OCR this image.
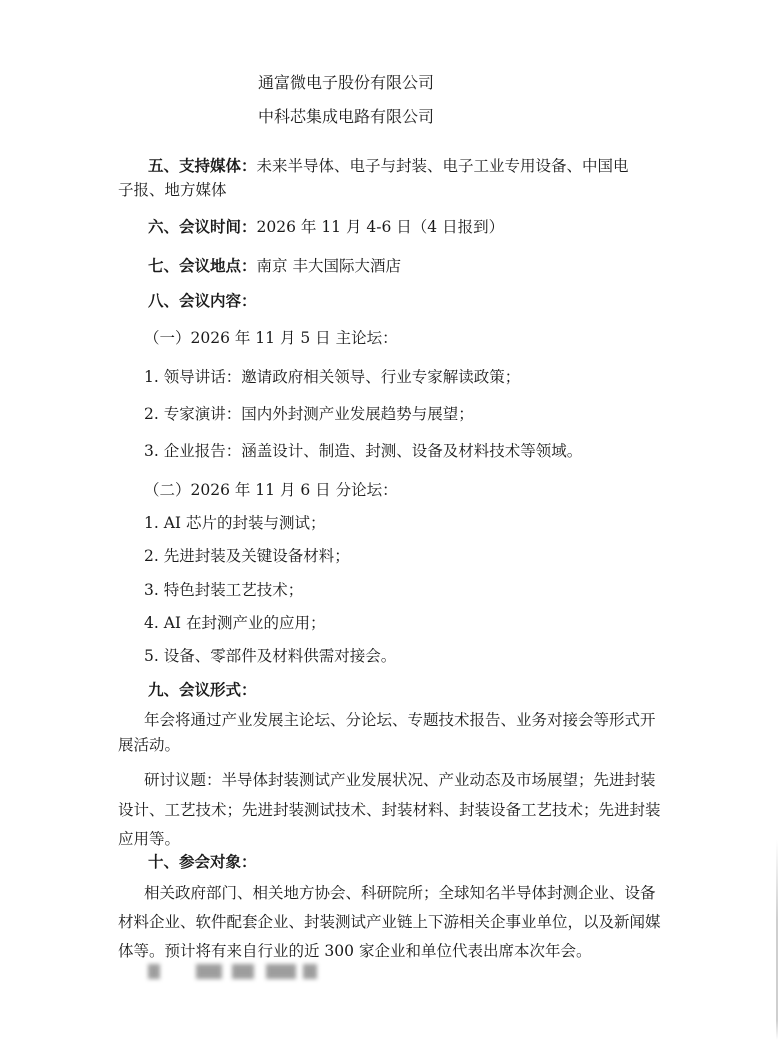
通富微电子股份有限公司
中科芯集成电路有限公司
五、支持媒体：未来半导体、电子与封装、电子工业专用设备、中国电
子报、地方媒体
六、会议时间：2026 年 11 月 4-6 日（4 日报到）
七、会议地点：南京 丰大国际大酒店
八、会议内容：
（一）2026 年 11 月 5 日 主论坛：
1. 领导讲话：邀请政府相关领导、行业专家解读政策；
2. 专家演讲：国内外封测产业发展趋势与展望；
3. 企业报告：涵盖设计、制造、封测、设备及材料技术等领域。
（二）2026 年 11 月 6 日 分论坛：
1. AI 芯片的封装与测试；
2. 先进封装及关键设备材料；
3. 特色封装工艺技术；
4. AI 在封测产业的应用；
5. 设备、零部件及材料供需对接会。
九、会议形式：
年会将通过产业发展主论坛、分论坛、专题技术报告、业务对接会等形式开
展活动。
研讨议题：半导体封装测试产业发展状况、产业动态及市场展望；先进封装
设计、工艺技术；先进封装测试技术、封装材料、封装设备工艺技术；先进封装
应用等。
十、参会对象：
相关政府部门、相关地方协会、科研院所；全球知名半导体封测企业、设备
材料企业、软件配套企业、封装测试产业链上下游相关企事业单位，以及新闻媒
体等。预计将有来自行业的近 300 家企业和单位代表出席本次年会。
